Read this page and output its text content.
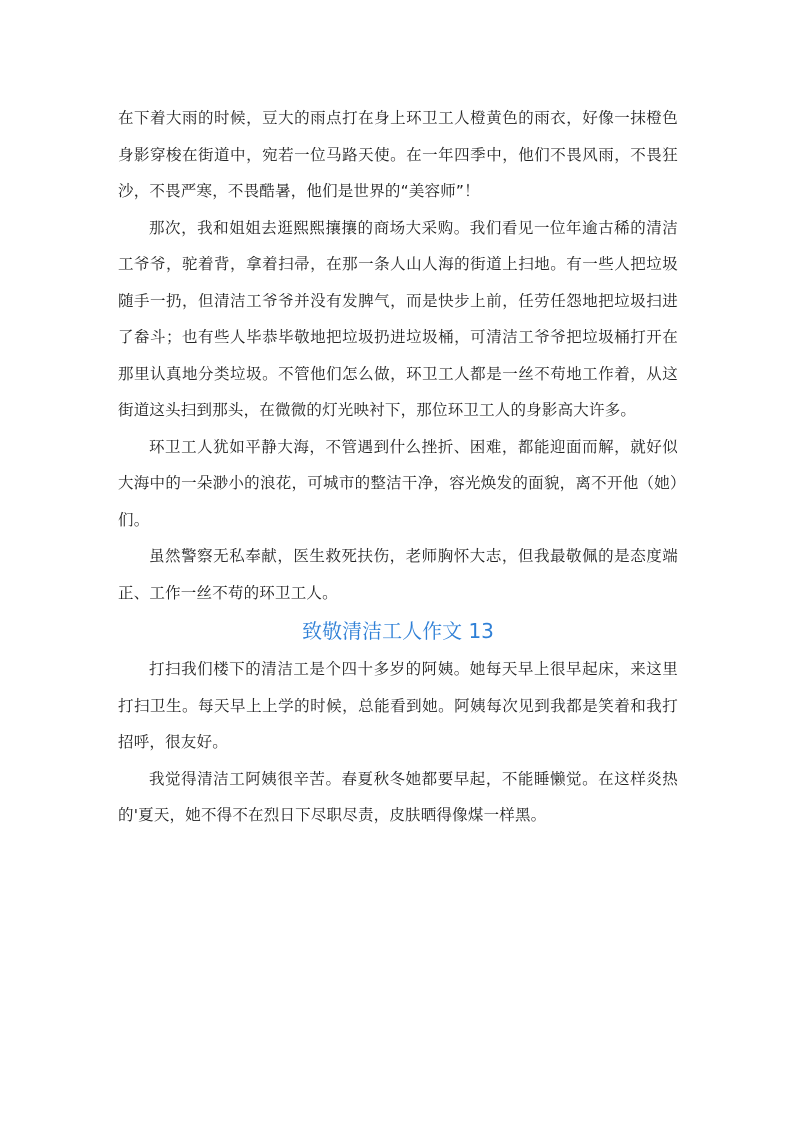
在下着大雨的时候，豆大的雨点打在身上环卫工人橙黄色的雨衣，好像一抹橙色身影穿梭在街道中，宛若一位马路天使。在一年四季中，他们不畏风雨，不畏狂沙，不畏严寒，不畏酷暑，他们是世界的“美容师”！

那次，我和姐姐去逛熙熙攘攘的商场大采购。我们看见一位年逾古稀的清洁工爷爷，驼着背，拿着扫帚，在那一条人山人海的街道上扫地。有一些人把垃圾随手一扔，但清洁工爷爷并没有发脾气，而是快步上前，任劳任怨地把垃圾扫进了畚斗；也有些人毕恭毕敬地把垃圾扔进垃圾桶，可清洁工爷爷把垃圾桶打开在那里认真地分类垃圾。不管他们怎么做，环卫工人都是一丝不苟地工作着，从这街道这头扫到那头，在微微的灯光映衬下，那位环卫工人的身影高大许多。

环卫工人犹如平静大海，不管遇到什么挫折、困难，都能迎面而解，就好似大海中的一朵渺小的浪花，可城市的整洁干净，容光焕发的面貌，离不开他（她）们。

虽然警察无私奉献，医生救死扶伤，老师胸怀大志，但我最敬佩的是态度端正、工作一丝不苟的环卫工人。

致敬清洁工人作文 13

打扫我们楼下的清洁工是个四十多岁的阿姨。她每天早上很早起床，来这里打扫卫生。每天早上上学的时候，总能看到她。阿姨每次见到我都是笑着和我打招呼，很友好。

我觉得清洁工阿姨很辛苦。春夏秋冬她都要早起，不能睡懒觉。在这样炎热的'夏天，她不得不在烈日下尽职尽责，皮肤晒得像煤一样黑。
